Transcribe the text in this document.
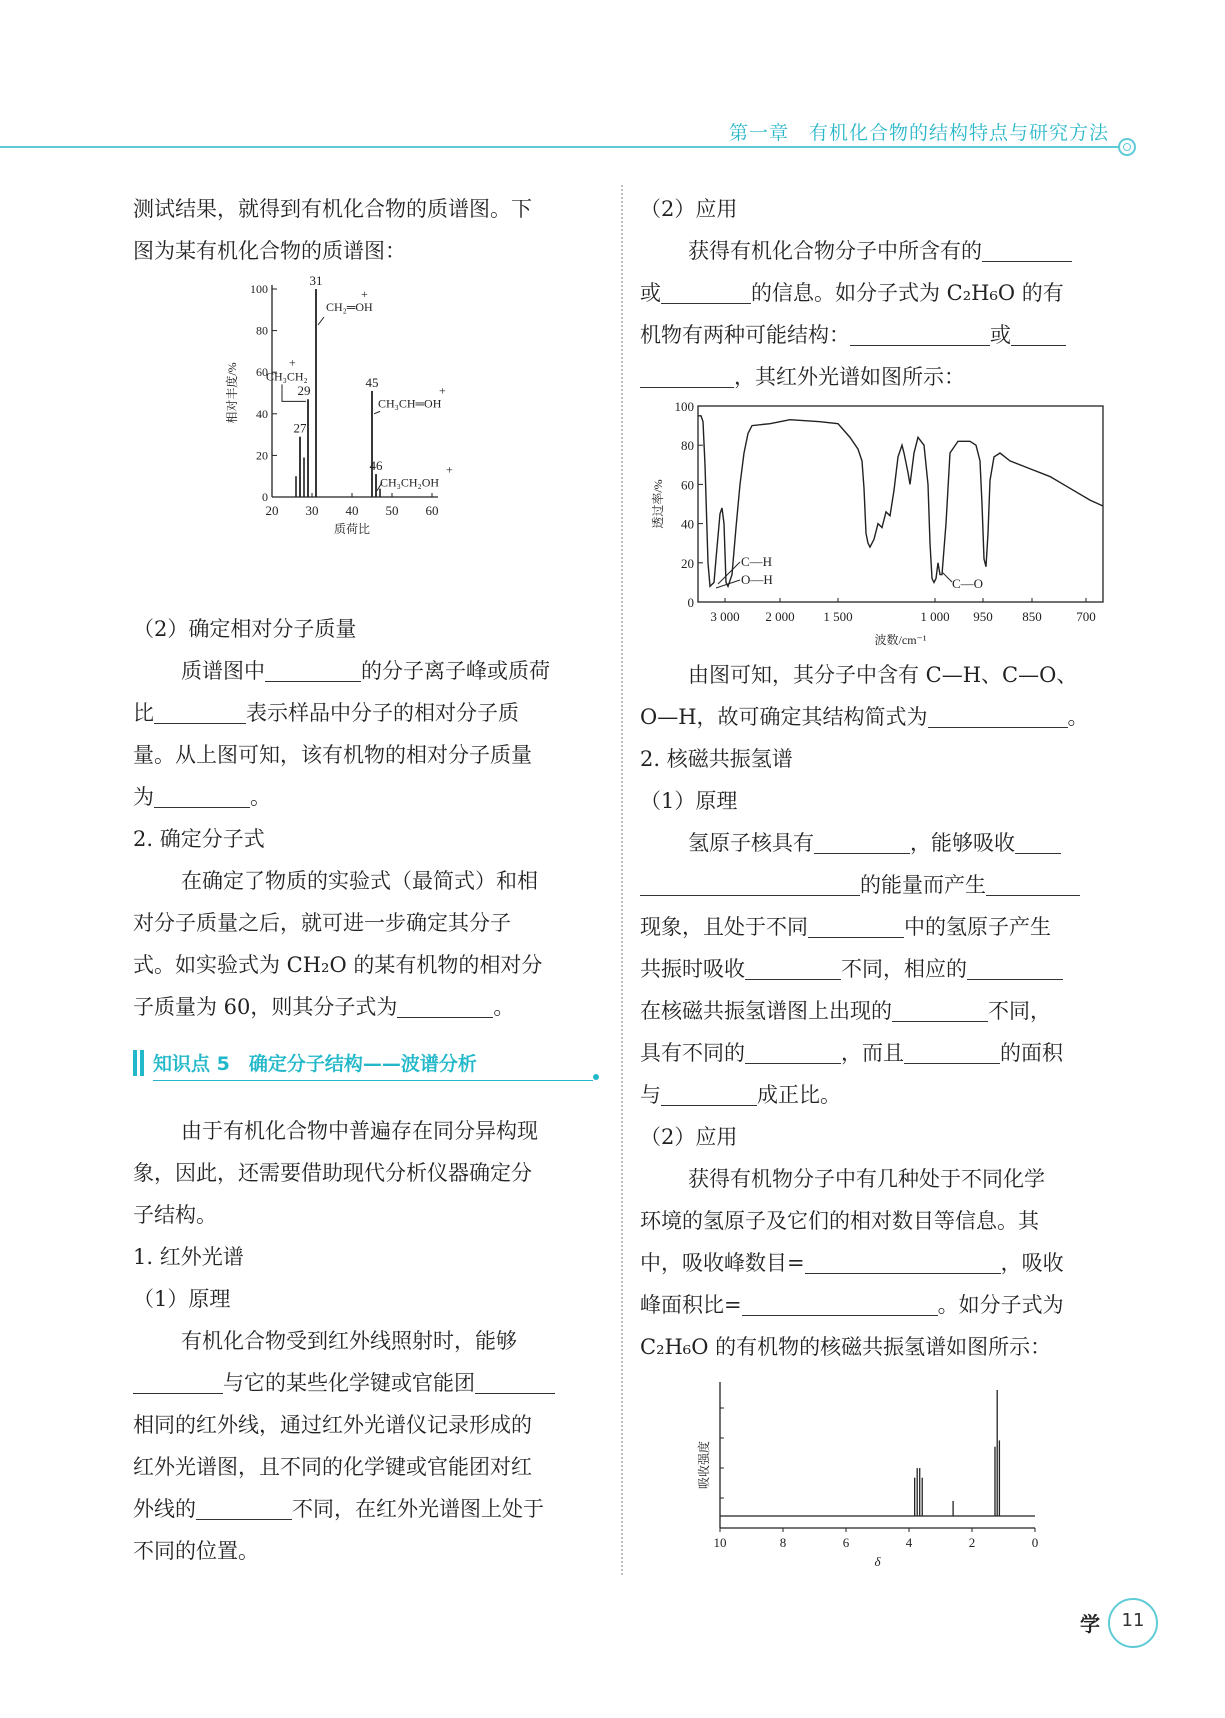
第一章　有机化合物的结构特点与研究方法

测试结果，就得到有机化合物的质谱图。下

图为某有机化合物的质谱图：

（2）确定相对分子质量

质谱图中	的分子离子峰或质荷

比	表示样品中分子的相对分子质

量。从上图可知，该有机物的相对分子质量

为	。

2. 确定分子式

在确定了物质的实验式（最简式）和相

对分子质量之后，就可进一步确定其分子

式。如实验式为 CH₂O 的某有机物的相对分

子质量为 60，则其分子式为	。

知识点 5　确定分子结构——波谱分析

由于有机化合物中普遍存在同分异构现

象，因此，还需要借助现代分析仪器确定分

子结构。

1. 红外光谱

（1）原理

有机化合物受到红外线照射时，能够

与它的某些化学键或官能团

相同的红外线，通过红外光谱仪记录形成的

红外光谱图，且不同的化学键或官能团对红

外线的	不同，在红外光谱图上处于

不同的位置。

0
20
40
60
80
100
20 30 40 50 60
质荷比
相对丰度/%
27
29
31
45
46
CH₂═OH
+
CH₃CH₂
+
CH₃CH═OH
+
CH₃CH₂OH
+

（2）应用

获得有机化合物分子中所含有的

或	的信息。如分子式为 C₂H₆O 的有

机物有两种可能结构：	或

，其红外光谱如图所示：

由图可知，其分子中含有 C—H、C—O、

O—H，故可确定其结构简式为	。

2. 核磁共振氢谱

（1）原理

氢原子核具有	，能够吸收

的能量而产生

现象，且处于不同	中的氢原子产生

共振时吸收	不同，相应的

在核磁共振氢谱图上出现的	不同，

具有不同的	，而且	的面积

与	成正比。

（2）应用

获得有机物分子中有几种处于不同化学

环境的氢原子及它们的相对数目等信息。其

中，吸收峰数目=	，吸收

峰面积比=	。如分子式为

C₂H₆O 的有机物的核磁共振氢谱如图所示：

0
20
40
60
80
100
3 000 2 000 1 500	1 000 950 850	700
波数/cm⁻¹
透过率/%
C—H
O—H	C—O
吸收强度
10	8	6	4	2	0
δ
学	11
